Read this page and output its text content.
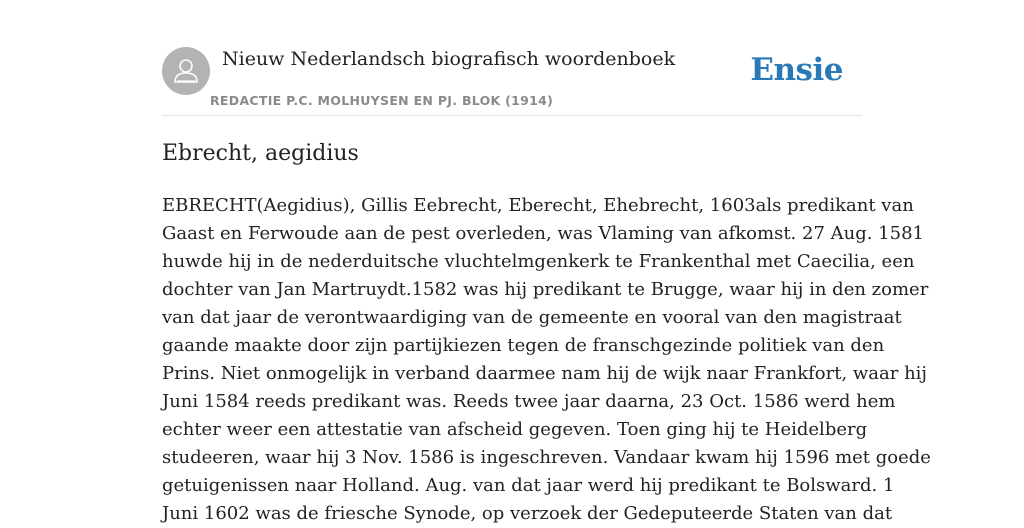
Nieuw Nederlandsch biografisch woordenboek
REDACTIE P.C. MOLHUYSEN EN PJ. BLOK (1914)
Ensie
Ebrecht, aegidius

EBRECHT(Aegidius), Gillis Eebrecht, Eberecht, Ehebrecht, 1603als predikant van
Gaast en Ferwoude aan de pest overleden, was Vlaming van afkomst. 27 Aug. 1581
huwde hij in de nederduitsche vluchtelmgenkerk te Frankenthal met Caecilia, een
dochter van Jan Martruydt.1582 was hij predikant te Brugge, waar hij in den zomer
van dat jaar de verontwaardiging van de gemeente en vooral van den magistraat
gaande maakte door zijn partijkiezen tegen de franschgezinde politiek van den
Prins. Niet onmogelijk in verband daarmee nam hij de wijk naar Frankfort, waar hij
Juni 1584 reeds predikant was. Reeds twee jaar daarna, 23 Oct. 1586 werd hem
echter weer een attestatie van afscheid gegeven. Toen ging hij te Heidelberg
studeeren, waar hij 3 Nov. 1586 is ingeschreven. Vandaar kwam hij 1596 met goede
getuigenissen naar Holland. Aug. van dat jaar werd hij predikant te Bolsward. 1
Juni 1602 was de friesche Synode, op verzoek der Gedeputeerde Staten van dat
